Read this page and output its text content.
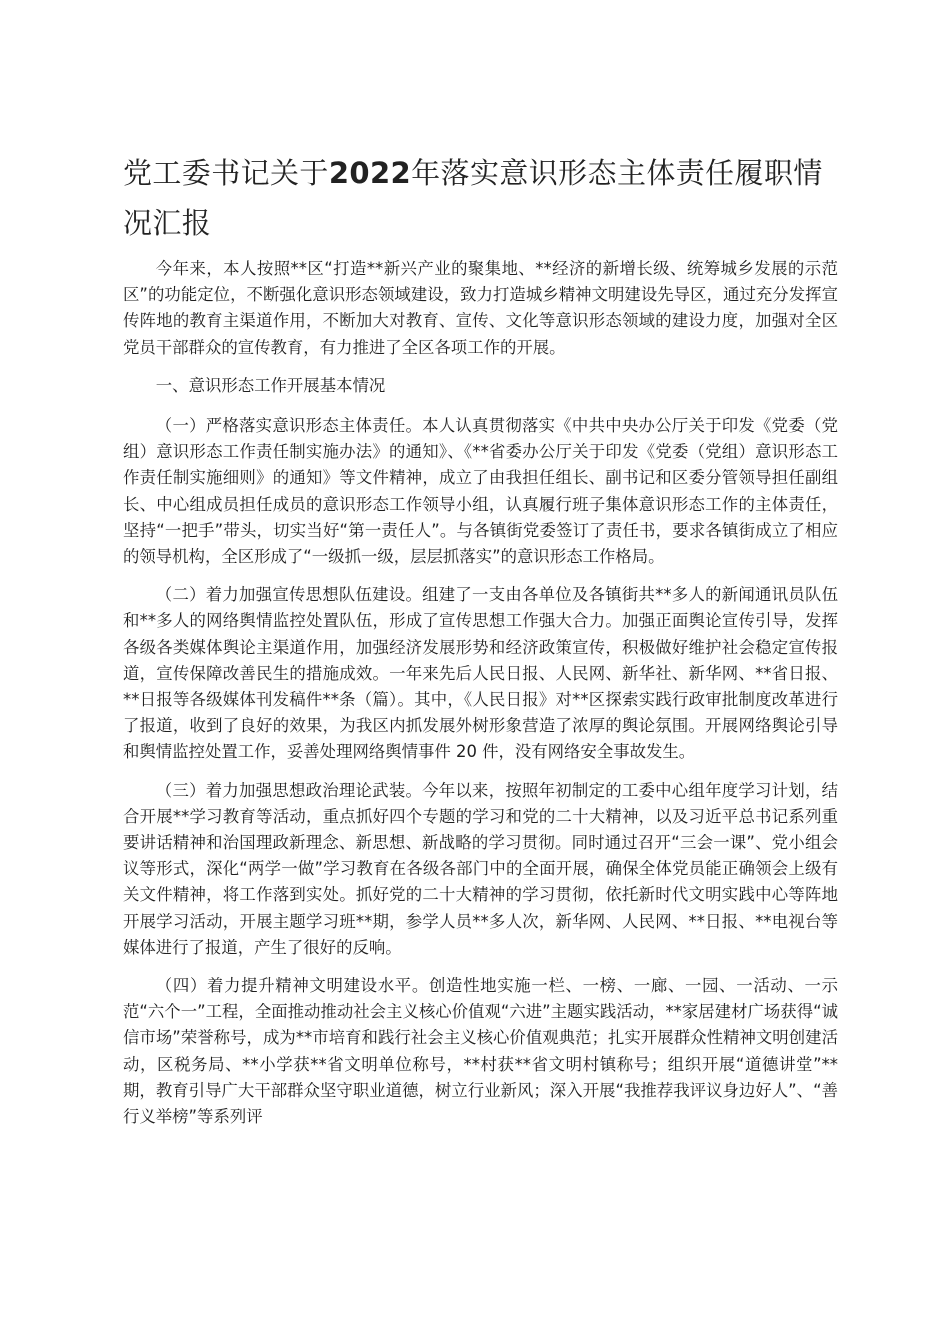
党工委书记关于2022年落实意识形态主体责任履职情况汇报

今年来，本人按照**区“打造**新兴产业的聚集地、**经济的新增长级、统筹城乡发展的示范区”的功能定位，不断强化意识形态领域建设，致力打造城乡精神文明建设先导区，通过充分发挥宣传阵地的教育主渠道作用，不断加大对教育、宣传、文化等意识形态领域的建设力度，加强对全区党员干部群众的宣传教育，有力推进了全区各项工作的开展。

一、意识形态工作开展基本情况

（一）严格落实意识形态主体责任。本人认真贯彻落实《中共中央办公厅关于印发《党委（党组）意识形态工作责任制实施办法》的通知》、《**省委办公厅关于印发《党委（党组）意识形态工作责任制实施细则》的通知》等文件精神，成立了由我担任组长、副书记和区委分管领导担任副组长、中心组成员担任成员的意识形态工作领导小组，认真履行班子集体意识形态工作的主体责任，坚持“一把手”带头，切实当好“第一责任人”。与各镇街党委签订了责任书，要求各镇街成立了相应的领导机构，全区形成了“一级抓一级，层层抓落实”的意识形态工作格局。

（二）着力加强宣传思想队伍建设。组建了一支由各单位及各镇街共**多人的新闻通讯员队伍和**多人的网络舆情监控处置队伍，形成了宣传思想工作强大合力。加强正面舆论宣传引导，发挥各级各类媒体舆论主渠道作用，加强经济发展形势和经济政策宣传，积极做好维护社会稳定宣传报道，宣传保障改善民生的措施成效。一年来先后人民日报、人民网、新华社、新华网、**省日报、**日报等各级媒体刊发稿件**条（篇）。其中，《人民日报》对**区探索实践行政审批制度改革进行了报道，收到了良好的效果，为我区内抓发展外树形象营造了浓厚的舆论氛围。开展网络舆论引导和舆情监控处置工作，妥善处理网络舆情事件 20 件，没有网络安全事故发生。

（三）着力加强思想政治理论武装。今年以来，按照年初制定的工委中心组年度学习计划，结合开展**学习教育等活动，重点抓好四个专题的学习和党的二十大精神，以及习近平总书记系列重要讲话精神和治国理政新理念、新思想、新战略的学习贯彻。同时通过召开“三会一课”、党小组会议等形式，深化“两学一做”学习教育在各级各部门中的全面开展，确保全体党员能正确领会上级有关文件精神，将工作落到实处。抓好党的二十大精神的学习贯彻，依托新时代文明实践中心等阵地开展学习活动，开展主题学习班**期，参学人员**多人次，新华网、人民网、**日报、**电视台等媒体进行了报道，产生了很好的反响。

（四）着力提升精神文明建设水平。创造性地实施一栏、一榜、一廊、一园、一活动、一示范“六个一”工程，全面推动推动社会主义核心价值观“六进”主题实践活动，**家居建材广场获得“诚信市场”荣誉称号，成为**市培育和践行社会主义核心价值观典范；扎实开展群众性精神文明创建活动，区税务局、**小学获**省文明单位称号，**村获**省文明村镇称号；组织开展“道德讲堂”**期，教育引导广大干部群众坚守职业道德，树立行业新风；深入开展“我推荐我评议身边好人”、“善行义举榜”等系列评
